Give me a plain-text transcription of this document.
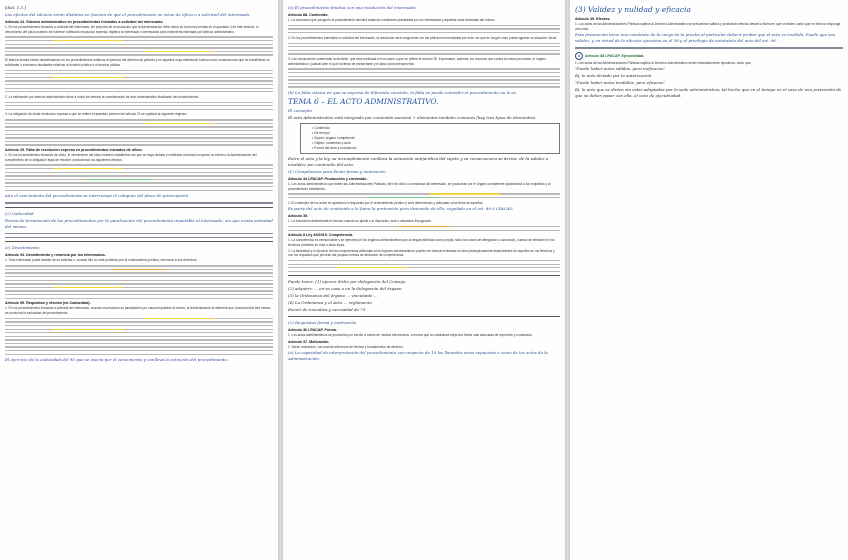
[dial. 1.5.]
Los efectos del silencio serán distintos en función de que el procedimiento se inicie de oficio o a solicitud del interesado.
Artículo 24. Silencio administrativo en procedimientos iniciados a solicitud del interesado.
1. En los procedimientos iniciados a solicitud del interesado, sin perjuicio de la resolución que la Administración debe dictar en la forma prevista en el apartado 3 de este artículo, el vencimiento del plazo máximo sin haberse notificado resolución expresa, legitima al interesado o interesados para entenderla estimada por silencio administrativo.
El silencio tendrá efecto desestimatorio en los procedimientos relativos al ejercicio del derecho de petición y en aquellos cuya estimación tuviera como consecuencia que se transfirieran al solicitante o a terceros facultades relativas al dominio público o al servicio público.
2. La estimación por silencio administrativo tiene a todos los efectos la consideración de acto administrativo finalizador del procedimiento.
3. La obligación de dictar resolución expresa a que se refiere el apartado primero del artículo 21 se sujetará al siguiente régimen.
Artículo 25. Falta de resolución expresa en procedimientos iniciados de oficio.
1. En los procedimientos iniciados de oficio, el vencimiento del plazo máximo establecido sin que se haya dictado y notificado resolución expresa no exime a la Administración del cumplimiento de la obligación legal de resolver, produciendo los siguientes efectos:
Aún el vencimiento del procedimiento se interrumpe el cómputo del plazo de prescripción
(2) Caducidad
Forma de terminación de los procedimientos por la paralización del procedimiento imputable al interesado, sin que exista actividad del mismo.
(c) Desistimiento
Artículo 94. Desistimiento y renuncia por los interesados.
1. Todo interesado podrá desistir de su solicitud o, cuando ello no esté prohibido por el ordenamiento jurídico, renunciar a sus derechos.
Artículo 95. Requisitos y efectos (de Caducidad).
1. En los procedimientos iniciados a solicitud del interesado, cuando se produzca su paralización por causa imputable al mismo, la Administración le advertirá que, transcurridos tres meses, se producirá la caducidad del procedimiento.
El ejercicio de la caducidad del 95 que se asocia por el vencimiento y conlleva la extinción del procedimiento.
(a) El procedimiento finaliza con una resolución del interesado.
Artículo 88. Contenido.
1. La resolución que ponga fin al procedimiento decidirá todas las cuestiones planteadas por los interesados y aquellas otras derivadas del mismo.
2. En los procedimientos tramitados a solicitud del interesado, la resolución será congruente con las peticiones formuladas por éste, sin que en ningún caso pueda agravar su situación inicial.
3. Las resoluciones contendrán la decisión, que será motivada en los casos a que se refiere el artículo 35. Expresarán, además, los recursos que contra la misma procedan, el órgano administrativo o judicial ante el que hubieran de presentarse y el plazo para interponerlos.
(b) La falta clásica en que se expresa de diferente cuestión, la falta se puede entender el procedimiento no lo es.
TEMA 6 – EL ACTO ADMINISTRATIVO.
El concepto
El acto Administrativo está integrado por contenido esencial + elementos también comunes (hay tres tipos de elementos).
• Contenido
• De tiempo
• Sujeto: órgano competente
• Objeto: contenido y acto
• Forma del acto y motivación
Entre el acto y la ley, su incumplimiento conlleva la actuación antijurídica del sujeto y su consecuencia se deriva, de la validez o invalidez por contenido del acto.
(1) Competencia para dictar forma y motivación
Artículo 34 LPACAP. Producción y contenido.
1. Los actos administrativos que dicten las Administraciones Públicas, bien de oficio o a instancia del interesado, se producirán por el órgano competente ajustándose a los requisitos y al procedimiento establecido.
2. El contenido de los actos se ajustará a lo dispuesto por el ordenamiento jurídico y será determinado y adecuado a los fines de aquéllos.
Es parte del acto de contenido a lo fuera la pretensión pero deseando de ello, regulado en el art. 89.5 LPACAP.
Artículo 35.
1. La resolución determinará el recurso cuando se ajuste a lo dispuesto, acto o actuación impugnada.
Artículo 8 Ley 40/2015. Competencia.
1. La competencia es irrenunciable y se ejercerá por los órganos administrativos que la tengan atribuida como propia, salvo los casos de delegación o avocación, cuando se efectúen en los términos previstos en ésta u otras leyes.
2. La titularidad y el ejercicio de las competencias atribuidas a los órganos administrativos podrán ser desconcentradas en otros jerárquicamente dependientes de aquéllos en los términos y con los requisitos que prevean las propias normas de atribución de competencias.
Puede tener: (1) ejercer dicho por delegación del Consejo.
(2) adquirir: ... en su caso o en la delegación del órgano.
(3) la Ordenanza del órgano ... vinculante ...
(4) La Ordenanza y el Acto ... reglamento
Eximir de iniciativa y necesidad de 75.
(2) Requisitos forma y motivación
Artículo 36 LPACAP. Forma.
1. Los actos administrativos se producirán por escrito a través de medios electrónicos, a menos que su naturaleza exija otra forma más adecuada de expresión y constancia.
Artículo 37. Motivación.
1. Serán motivados, con sucinta referencia de hechos y fundamentos de derecho:
(a) La capacidad de interpretación del procedimiento con respecto de 10 los llamados otros supuestos o como de los actos de la Administración.
(3) Validez y nulidad y eficacia
Artículo 39. Efectos.
1. Los actos de las Administraciones Públicas sujetos al Derecho Administrativo se presumirán válidos y producirán efectos desde la fecha en que se dicten, salvo que en ellos se disponga otra cosa.
Esta presunción tiene una constante de la carga de la prueba al particular deberá probar que el acto es inválido. Puede que sea validez, y en virtud de la eficacia ejecutiva en el 38 y el privilegio de autotutela del acto del art. 98.
4 Artículo 38 LPACAP. Ejecutividad.
1. Los actos de las Administraciones Públicas sujetos al Derecho Administrativo serán inmediatamente ejecutivos, salvo que:
"Puede haber actos válidos, pero ineficaces"
Ej: lo acto dictado por la autorización
"Puede haber actos inválidos, pero eficaces"
Ej: lo acto que se dicten sin estar adaptadas por la sede administrativa, tal hecho que en el tiempo en el caso de una pretensión de que se deben pasar con ella, el caso de ejecutividad.
